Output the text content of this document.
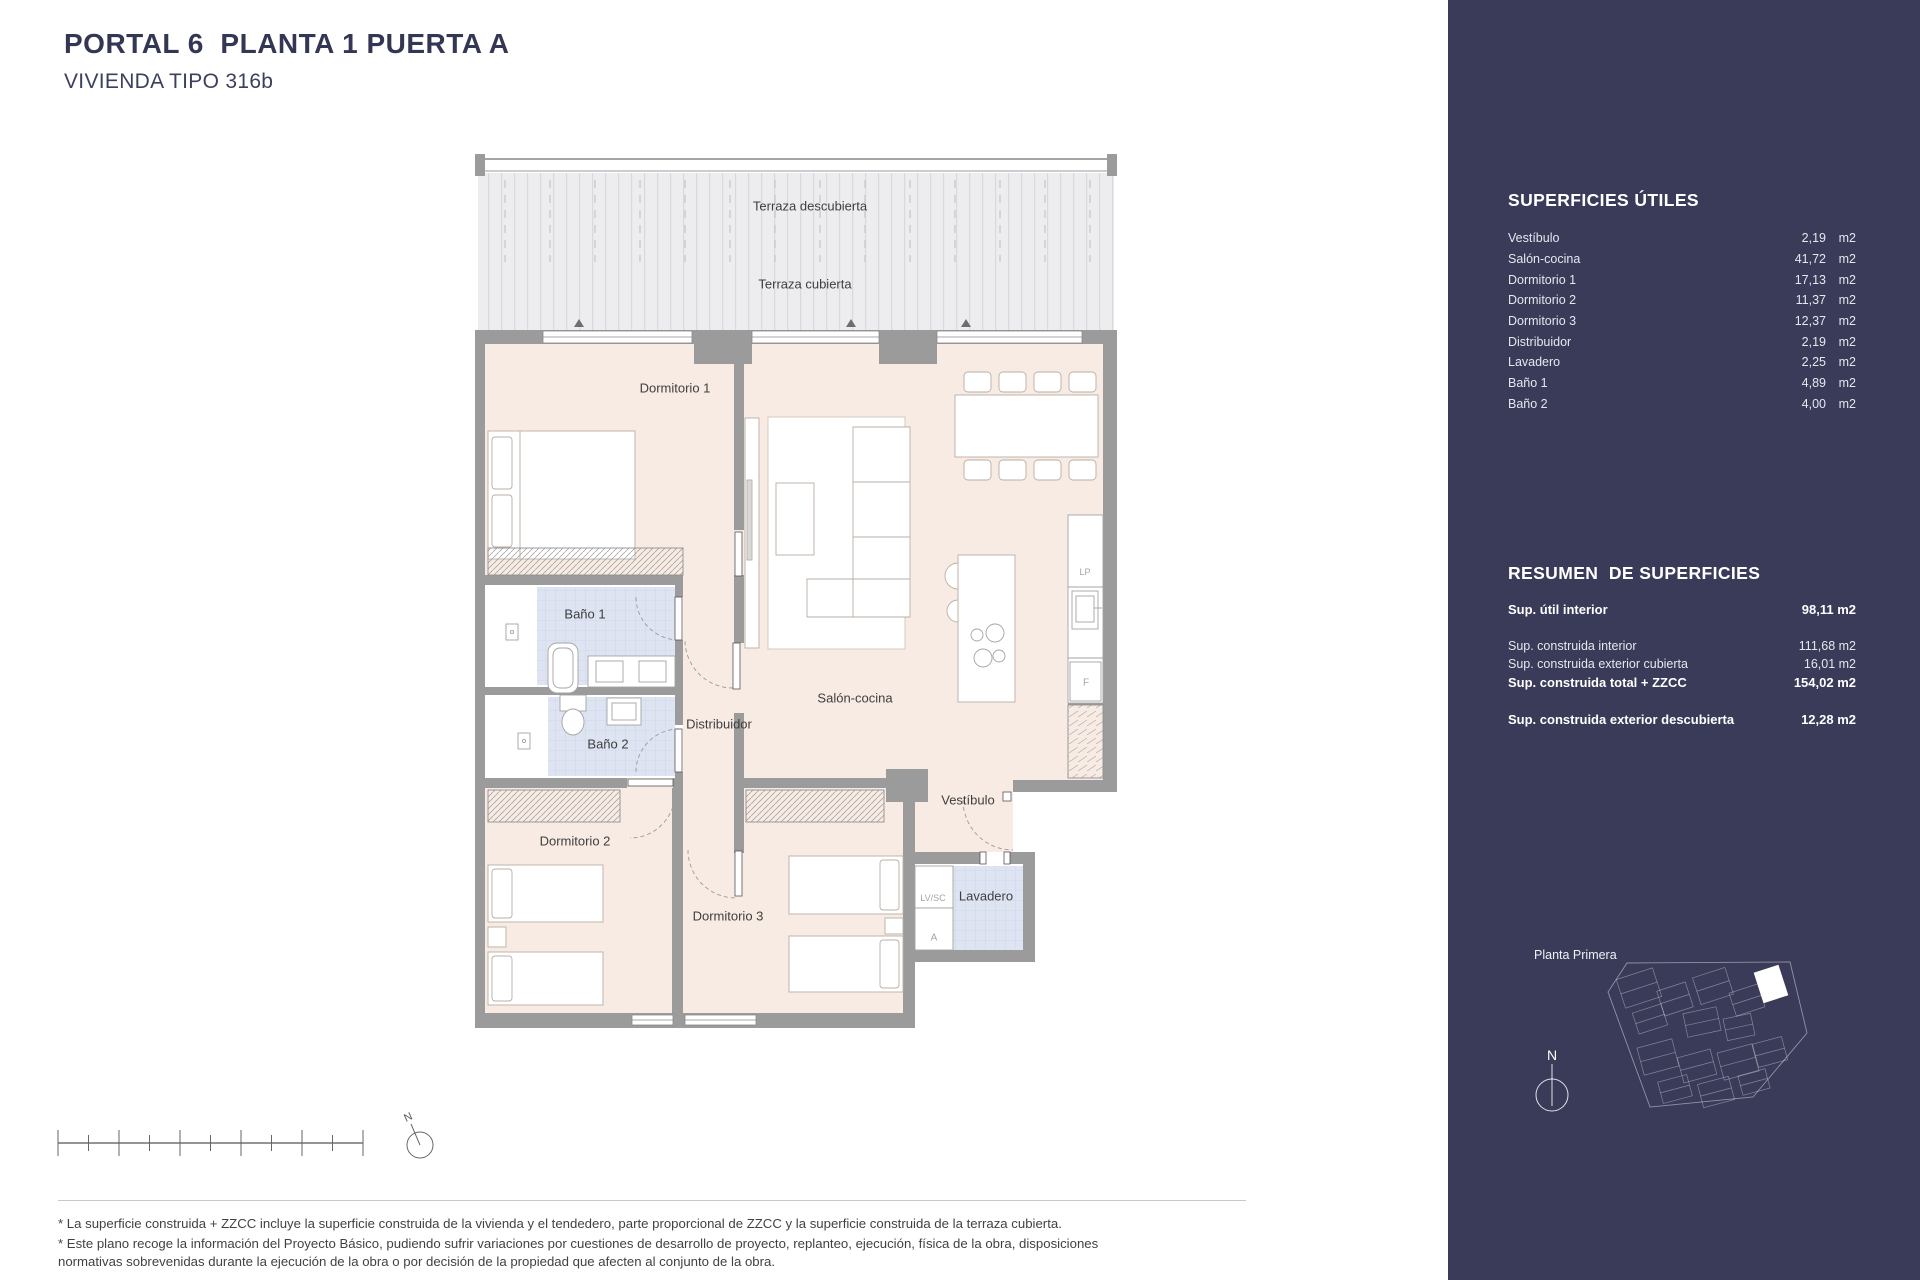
PORTAL 6  PLANTA 1 PUERTA A
VIVIENDA TIPO 316b
Terraza descubierta
Terraza cubierta
Dormitorio 1
Baño 1
Baño 2
Distribuidor
Salón-cocina
Vestíbulo
Lavadero
Dormitorio 2
Dormitorio 3
LP
F
LV/SC
A
N
* La superficie construida + ZZCC incluye la superficie construida de la vivienda y el tendedero, parte proporcional de ZZCC y la superficie construida de la terraza cubierta.
* Este plano recoge la información del Proyecto Básico, pudiendo sufrir variaciones por cuestiones de desarrollo de proyecto, replanteo, ejecución, física de la obra, disposiciones
normativas sobrevenidas durante la ejecución de la obra o por decisión de la propiedad que afecten al conjunto de la obra.
SUPERFICIES ÚTILES
Vestíbulo	2,19	m2
Salón-cocina	41,72	m2
Dormitorio 1	17,13	m2
Dormitorio 2	11,37	m2
Dormitorio 3	12,37	m2
Distribuidor	2,19	m2
Lavadero	2,25	m2
Baño 1	4,89	m2
Baño 2	4,00	m2
RESUMEN  DE SUPERFICIES
Sup. útil interior	98,11 m2
Sup. construida interior	111,68 m2
Sup. construida exterior cubierta	16,01 m2
Sup. construida total + ZZCC	154,02 m2
Sup. construida exterior descubierta	12,28 m2
Planta Primera
N
